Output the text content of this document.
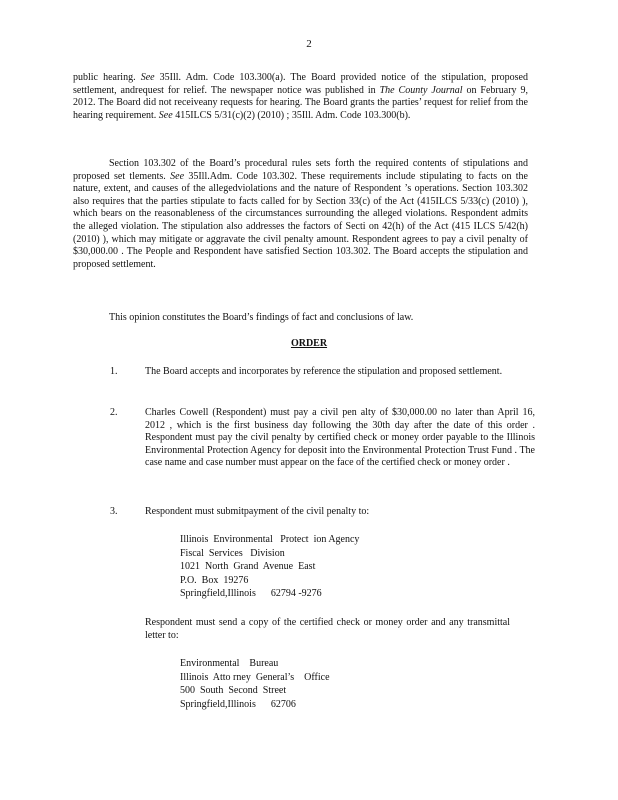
2

public hearing. See 35Ill. Adm. Code 103.300(a). The Board provided notice of the stipulation, proposed settlement, andrequest for relief. The newspaper notice was published in The County Journal on February 9, 2012. The Board did not receiveany requests for hearing. The Board grants the parties’ request for relief from the hearing requirement. See 415ILCS 5/31(c)(2) (2010) ; 35Ill. Adm. Code 103.300(b).

Section 103.302 of the Board’s procedural rules sets forth the required contents of stipulations and proposed set tlements. See 35Ill.Adm. Code 103.302. These requirements include stipulating to facts on the nature, extent, and causes of the allegedviolations and the nature of Respondent ’s operations. Section 103.302 also requires that the parties stipulate to facts called for by Section 33(c) of the Act (415ILCS 5/33(c) (2010) ), which bears on the reasonableness of the circumstances surrounding the alleged violations. Respondent admits the alleged violation. The stipulation also addresses the factors of Secti on 42(h) of the Act (415 ILCS 5/42(h) (2010) ), which may mitigate or aggravate the civil penalty amount. Respondent agrees to pay a civil penalty of $30,000.00 . The People and Respondent have satisfied Section 103.302. The Board accepts the stipulation and proposed settlement.

This opinion constitutes the Board’s findings of fact and conclusions of law.

ORDER
1.	The Board accepts and incorporates by reference the stipulation and proposed settlement.
2.	Charles Cowell (Respondent) must pay a civil pen alty of $30,000.00 no later than April 16, 2012 , which is the first business day following the 30th day after the date of this order . Respondent must pay the civil penalty by certified check or money order payable to the Illinois Environmental Protection Agency for deposit into the Environmental Protection Trust Fund . The case name and case number must appear on the face of the certified check or money order .
3.	Respondent must submitpayment of the civil penalty to:
Illinois  Environmental   Protect  ion Agency
Fiscal  Services   Division
1021  North  Grand  Avenue  East
P.O.  Box  19276
Springfield,Illinois      62794 -9276
Respondent must send a copy of the certified check or money order and any transmittal letter to:
Environmental    Bureau
Illinois  Atto rney  General’s    Office
500  South  Second  Street
Springfield,Illinois      62706
